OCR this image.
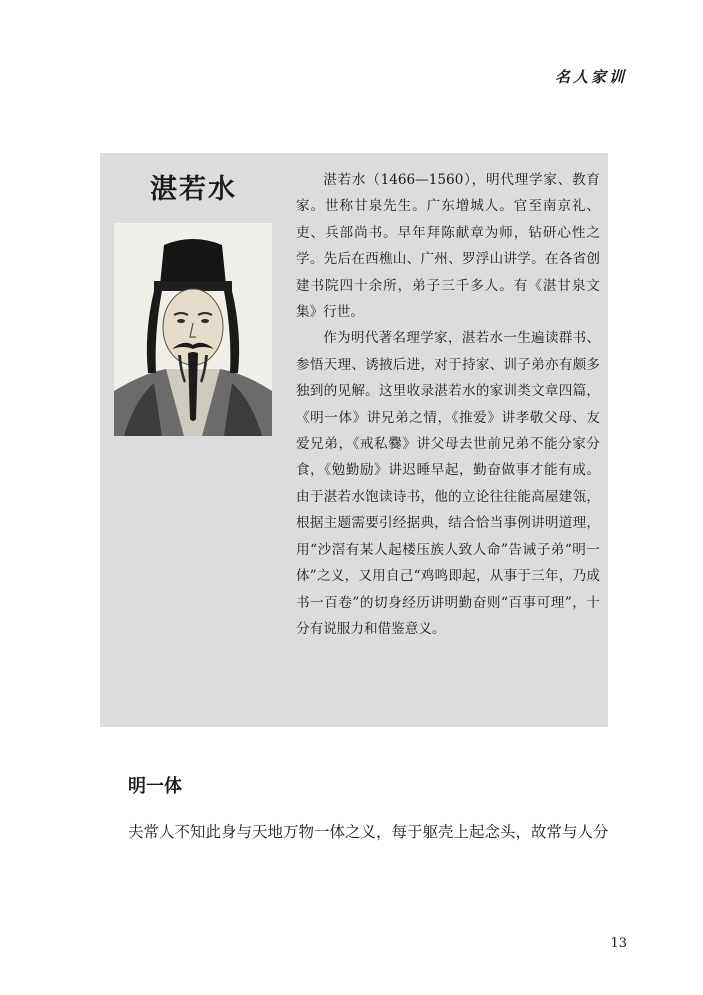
名人家训
湛若水	湛若水（1466—1560），明代理学家、教育家。世称甘泉先生。广东增城人。官至南京礼、吏、兵部尚书。早年拜陈献章为师，钻研心性之学。先后在西樵山、广州、罗浮山讲学。在各省创建书院四十余所，弟子三千多人。有《湛甘泉文集》行世。

作为明代著名理学家，湛若水一生遍读群书、参悟天理、诱掖后进，对于持家、训子弟亦有颇多独到的见解。这里收录湛若水的家训类文章四篇，《明一体》讲兄弟之情，《推爱》讲孝敬父母、友爱兄弟，《戒私爨》讲父母去世前兄弟不能分家分食，《勉勤励》讲迟睡早起，勤奋做事才能有成。由于湛若水饱读诗书，他的立论往往能高屋建瓴，根据主题需要引经据典，结合恰当事例讲明道理，用“沙滘有某人起楼压族人致人命”告诫子弟“明一体”之义，又用自己“鸡鸣即起，从事于三年，乃成书一百卷”的切身经历讲明勤奋则“百事可理”，十分有说服力和借鉴意义。

明一体
夫常人不知此身与天地万物一体之义，每于躯壳上起念头，故常与人分
13
